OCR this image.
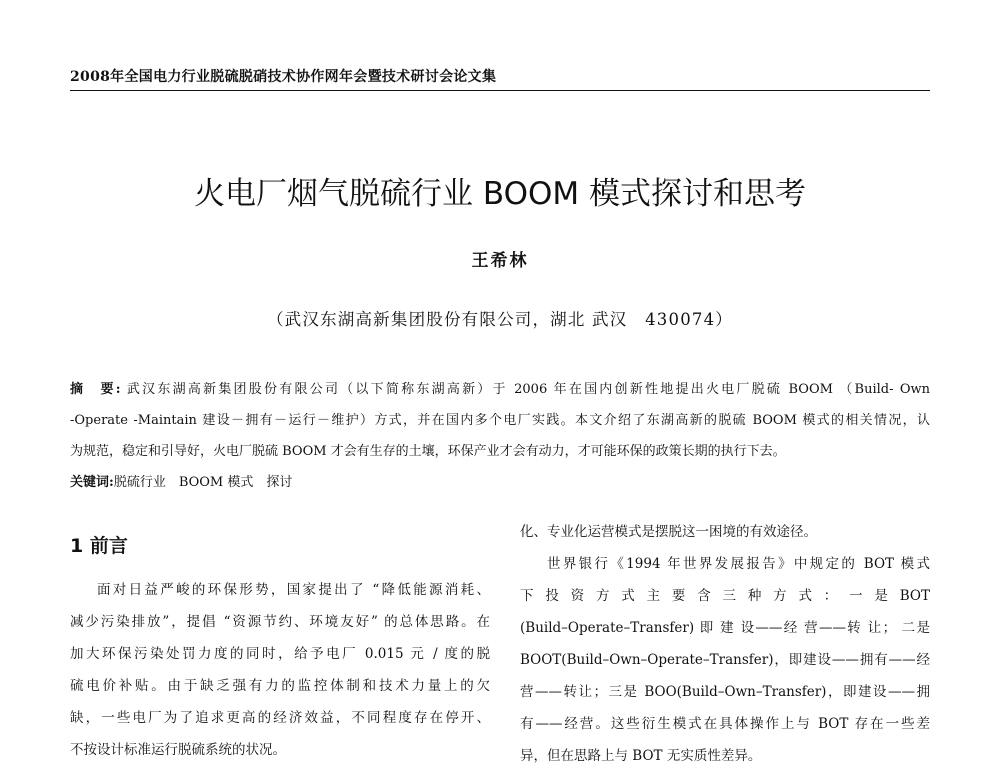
2008年全国电力行业脱硫脱硝技术协作网年会暨技术研讨会论文集
火电厂烟气脱硫行业 BOOM 模式探讨和思考
王希林
（武汉东湖高新集团股份有限公司，湖北 武汉　430074）
摘　要: 武汉东湖高新集团股份有限公司（以下简称东湖高新）于 2006 年在国内创新性地提出火电厂脱硫 BOOM （Build- Own
-Operate -Maintain 建设－拥有－运行－维护）方式，并在国内多个电厂实践。本文介绍了东湖高新的脱硫 BOOM 模式的相关情况，认
为规范，稳定和引导好，火电厂脱硫 BOOM 才会有生存的土壤，环保产业才会有动力，才可能环保的政策长期的执行下去。
关键词:脱硫行业　BOOM 模式　探讨
1 前言
面对日益严峻的环保形势，国家提出了 “降低能源消耗、
减少污染排放”，提倡 “资源节约、环境友好” 的总体思路。在
加大环保污染处罚力度的同时，给予电厂 0.015 元 / 度的脱
硫电价补贴。由于缺乏强有力的监控体制和技术力量上的欠
缺，一些电厂为了追求更高的经济效益，不同程度存在停开、
不按设计标准运行脱硫系统的状况。
化、专业化运营模式是摆脱这一困境的有效途径。
世界银行《1994 年世界发展报告》中规定的 BOT 模式
下 投 资 方 式 主 要 含 三 种 方 式 ： 一 是 BOT
(Build–Operate–Transfer) 即 建 设——经 营——转 让； 二是
BOOT(Build–Own–Operate–Transfer)，即建设——拥有——经
营——转让；三是 BOO(Build–Own–Transfer)，即建设——拥
有——经营。这些衍生模式在具体操作上与 BOT 存在一些差
异，但在思路上与 BOT 无实质性差异。
